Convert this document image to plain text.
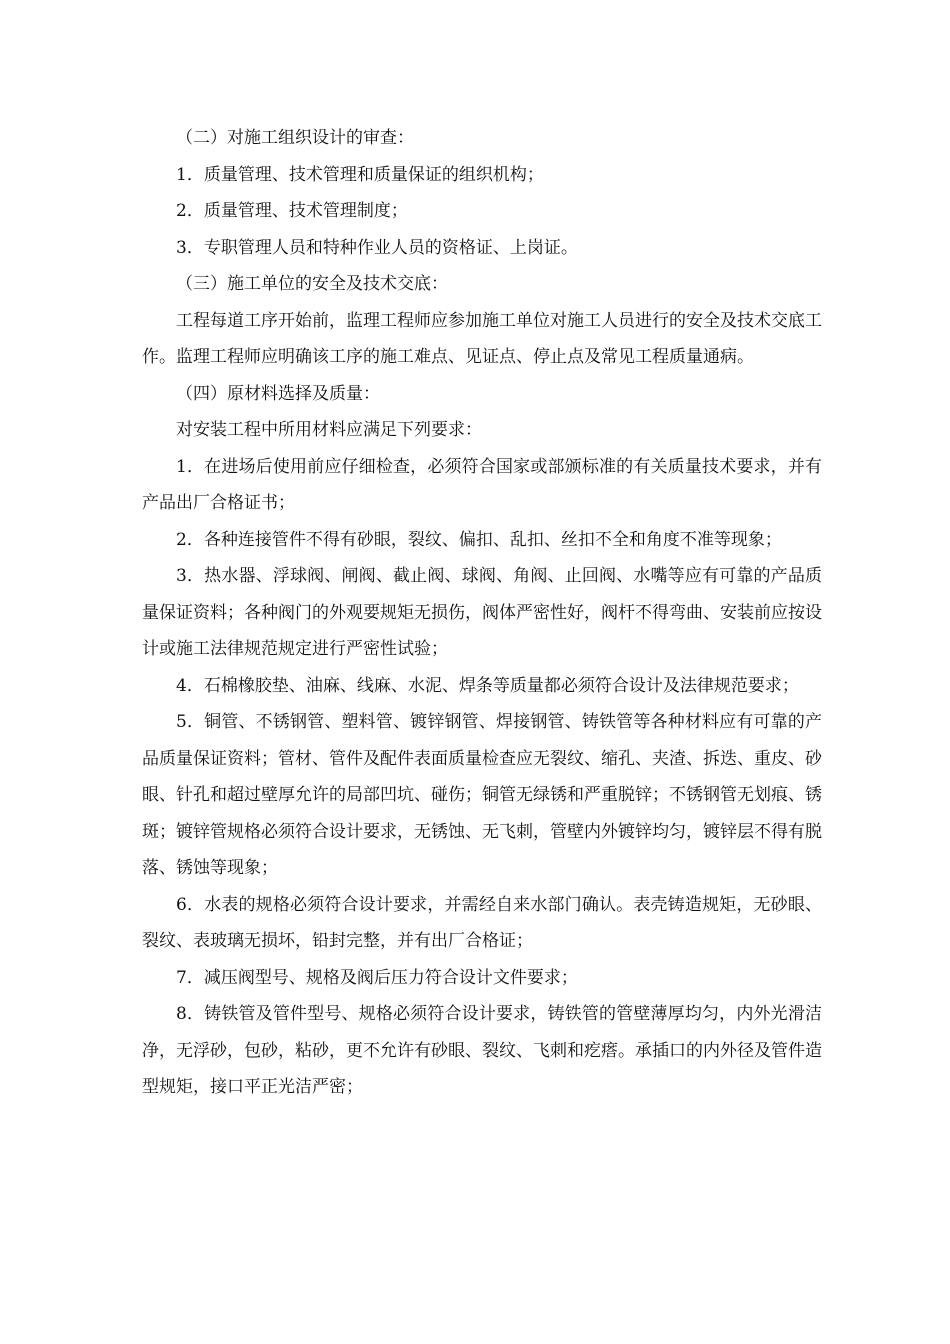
（二）对施工组织设计的审查：

1．质量管理、技术管理和质量保证的组织机构；

2．质量管理、技术管理制度；

3．专职管理人员和特种作业人员的资格证、上岗证。

（三）施工单位的安全及技术交底：

工程每道工序开始前，监理工程师应参加施工单位对施工人员进行的安全及技术交底工作。监理工程师应明确该工序的施工难点、见证点、停止点及常见工程质量通病。

（四）原材料选择及质量：

对安装工程中所用材料应满足下列要求：

1．在进场后使用前应仔细检查，必须符合国家或部颁标准的有关质量技术要求，并有产品出厂合格证书；

2．各种连接管件不得有砂眼，裂纹、偏扣、乱扣、丝扣不全和角度不准等现象；

3．热水器、浮球阀、闸阀、截止阀、球阀、角阀、止回阀、水嘴等应有可靠的产品质量保证资料；各种阀门的外观要规矩无损伤，阀体严密性好，阀杆不得弯曲、安装前应按设计或施工法律规范规定进行严密性试验；

4．石棉橡胶垫、油麻、线麻、水泥、焊条等质量都必须符合设计及法律规范要求；

5．铜管、不锈钢管、塑料管、镀锌钢管、焊接钢管、铸铁管等各种材料应有可靠的产品质量保证资料；管材、管件及配件表面质量检查应无裂纹、缩孔、夹渣、拆迭、重皮、砂眼、针孔和超过壁厚允许的局部凹坑、碰伤；铜管无绿锈和严重脱锌；不锈钢管无划痕、锈斑；镀锌管规格必须符合设计要求，无锈蚀、无飞刺，管壁内外镀锌均匀，镀锌层不得有脱落、锈蚀等现象；

6．水表的规格必须符合设计要求，并需经自来水部门确认。表壳铸造规矩，无砂眼、裂纹、表玻璃无损坏，铅封完整，并有出厂合格证；

7．减压阀型号、规格及阀后压力符合设计文件要求；

8．铸铁管及管件型号、规格必须符合设计要求，铸铁管的管壁薄厚均匀，内外光滑洁净，无浮砂，包砂，粘砂，更不允许有砂眼、裂纹、飞刺和疙瘩。承插口的内外径及管件造型规矩，接口平正光洁严密；
